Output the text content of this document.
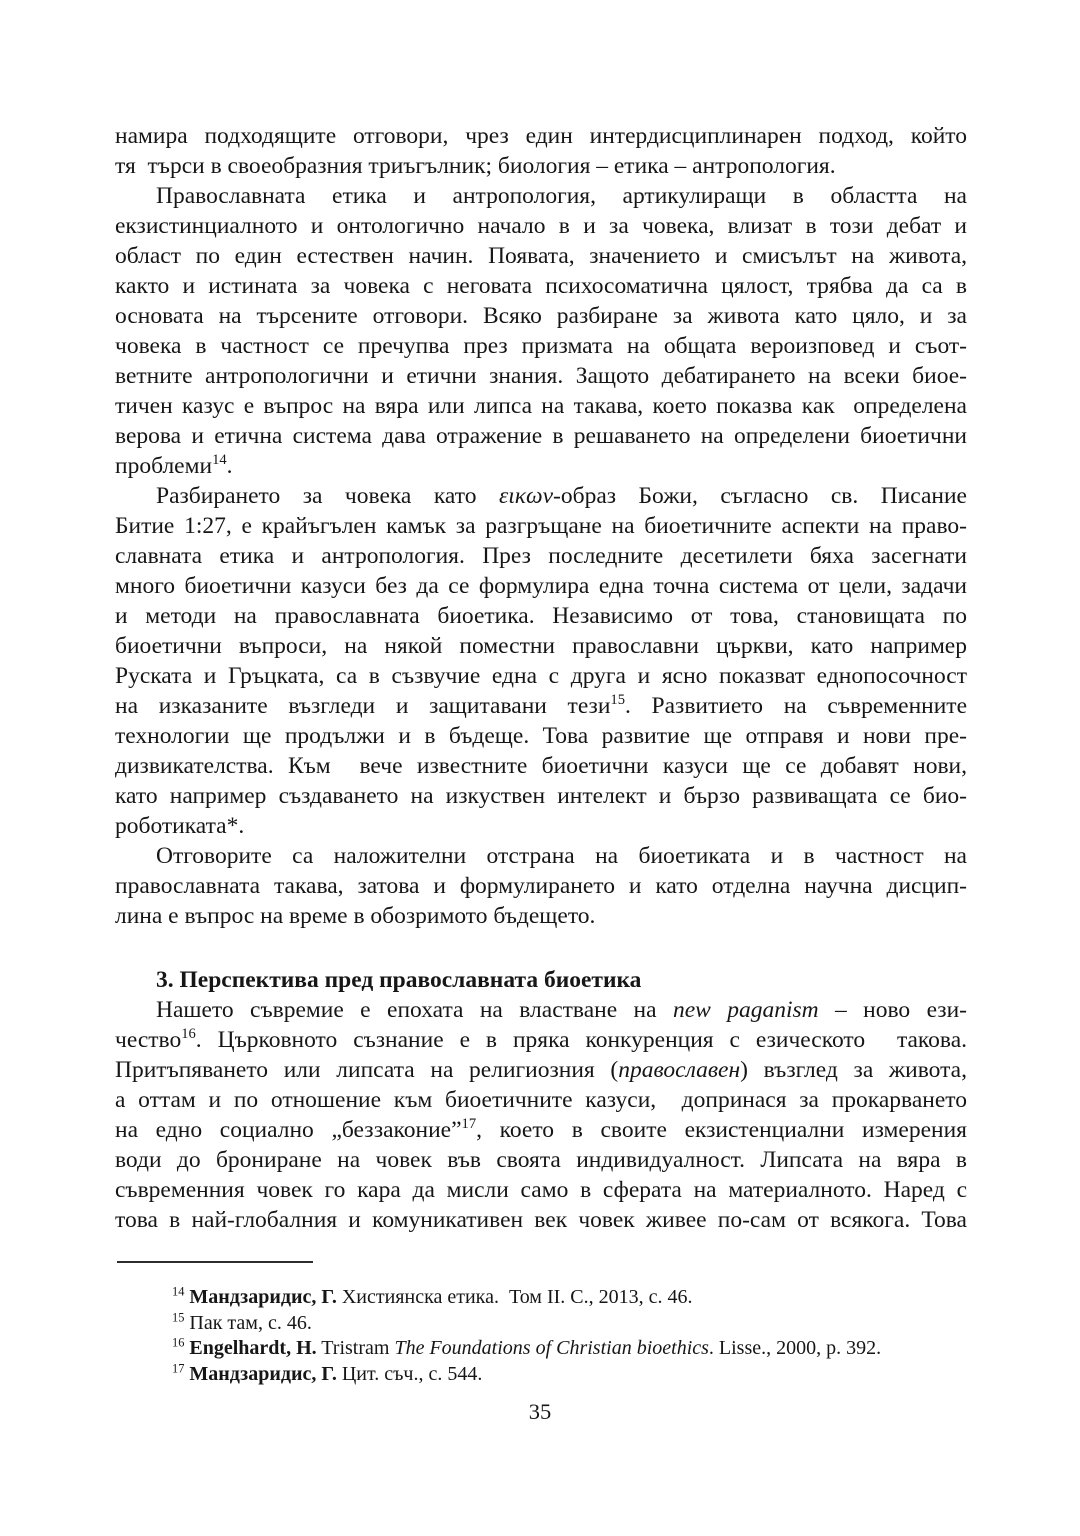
намира подходящите отговори, чрез един интердисциплинарен подход, който
тя  търси в своеобразния триъгълник; биология – етика – антропология.
Православната етика и антропология, артикулиращи в областта на
екзистинциалното и онтологично начало в и за човека, влизат в този дебат и
област по един естествен начин. Появата, значението и смисълът на живота,
както и истината за човека с неговата психосоматична цялост, трябва да са в
основата на търсените отговори. Всяко разбиране за живота като цяло, и за
човека в частност се пречупва през призмата на общата вероизповед и съот-
ветните антропологични и етични знания. Защото дебатирането на всеки биое-
тичен казус е въпрос на вяра или липса на такава, което показва как  определена
верова и етична система дава отражение в решаването на определени биоетични
проблеми$^{14}$.
Разбирането за човека като εικων-образ Божи, съгласно св. Писание
Битие 1:27, е крайъгълен камък за разгръщане на биоетичните аспекти на право-
славната етика и антропология. През последните десетилети бяха засегнати
много биоетични казуси без да се формулира една точна система от цели, задачи
и методи на православната биоетика. Независимо от това, становищата по
биоетични въпроси, на някой поместни православни църкви, като например
Руската и Гръцката, са в съзвучие една с друга и ясно показват еднопосочност
на изказаните възгледи и защитавани тези$^{15}$. Развитието на съвременните
технологии ще продължи и в бъдеще. Това развитие ще отправя и нови пре-
дизвикателства. Към  вече известните биоетични казуси ще се добавят нови,
като например създаването на изкуствен интелект и бързо развиващата се био-
роботиката*.
Отговорите са наложителни отстрана на биоетиката и в частност на
православната такава, затова и формулирането и като отделна научна дисцип-
лина е въпрос на време в обозримото бъдещето.
3. Перспектива пред православната биоетика
Нашето съвремие е епохата на властване на new paganism – ново ези-
чество$^{16}$. Църковното съзнание е в пряка конкуренция с езическото  такова.
Притъпяването или липсата на религиозния (православен) възглед за живота,
а оттам и по отношение към биоетичните казуси,  допринася за прокарването
на едно социално „беззаконие”$^{17}$, което в своите екзистенциални измерения
води до брониране на човек във своята индивидуалност. Липсата на вяра в
съвременния човек го кара да мисли само в сферата на материалното. Наред с
това в най-глобалния и комуникативен век човек живее по-сам от всякога. Това
$^{14}$ Мандзаридис, Г. Хистиянска етика.  Том II. С., 2013, с. 46.
$^{15}$ Пак там, с. 46.
$^{16}$ Engelhardt, H. Tristram The Foundations of Christian bioethics. Lisse., 2000, p. 392.
$^{17}$ Мандзаридис, Г. Цит. съч., с. 544.
35
